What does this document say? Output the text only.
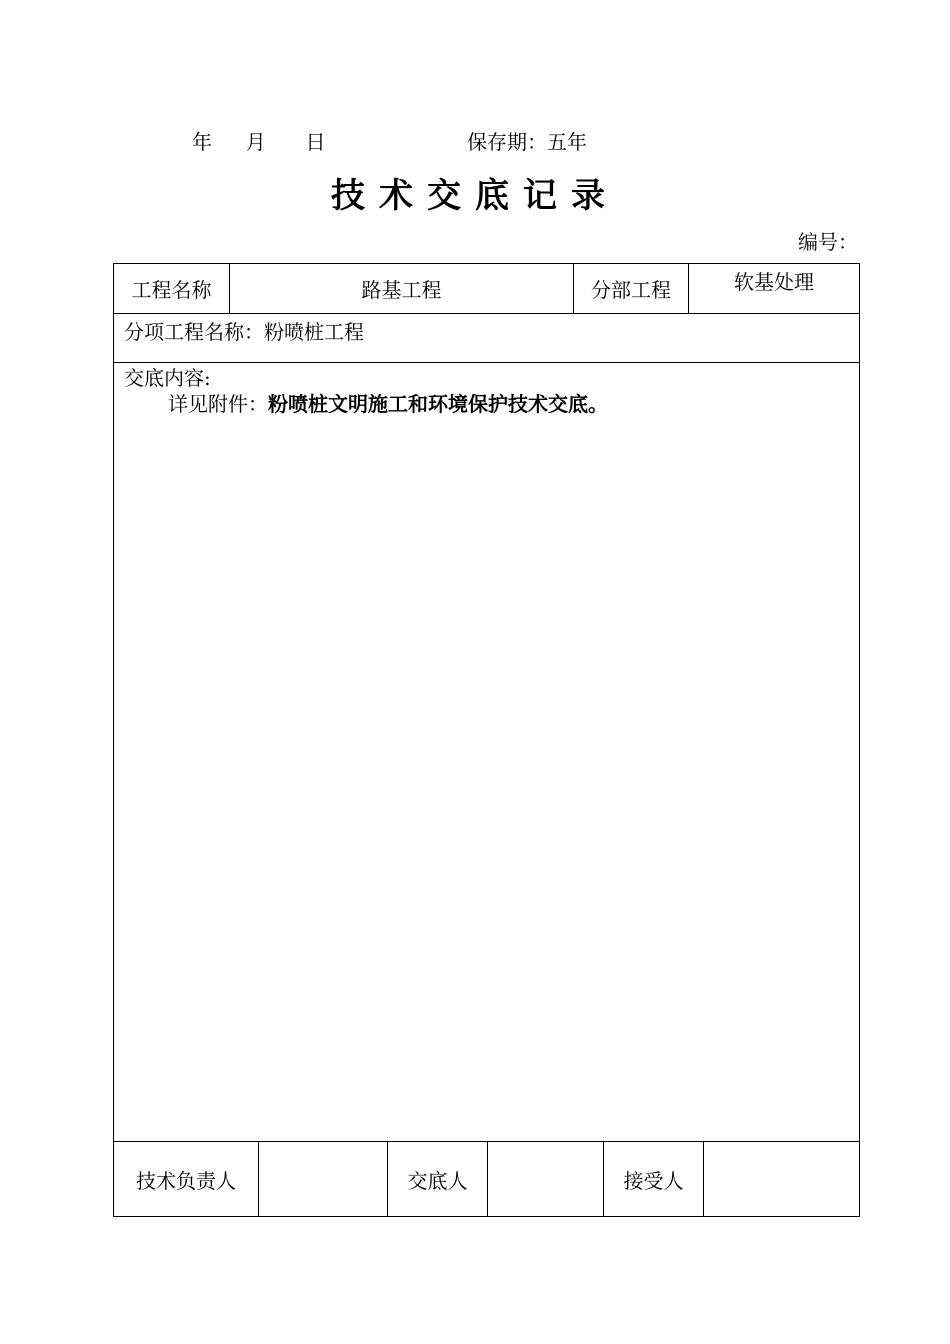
年 月 日	保存期：五年
技术交底记录
编号：
工程名称	路基工程	分部工程	软基处理
分项工程名称：粉喷桩工程
交底内容:
详见附件：粉喷桩文明施工和环境保护技术交底。
技术负责人	交底人	接受人
